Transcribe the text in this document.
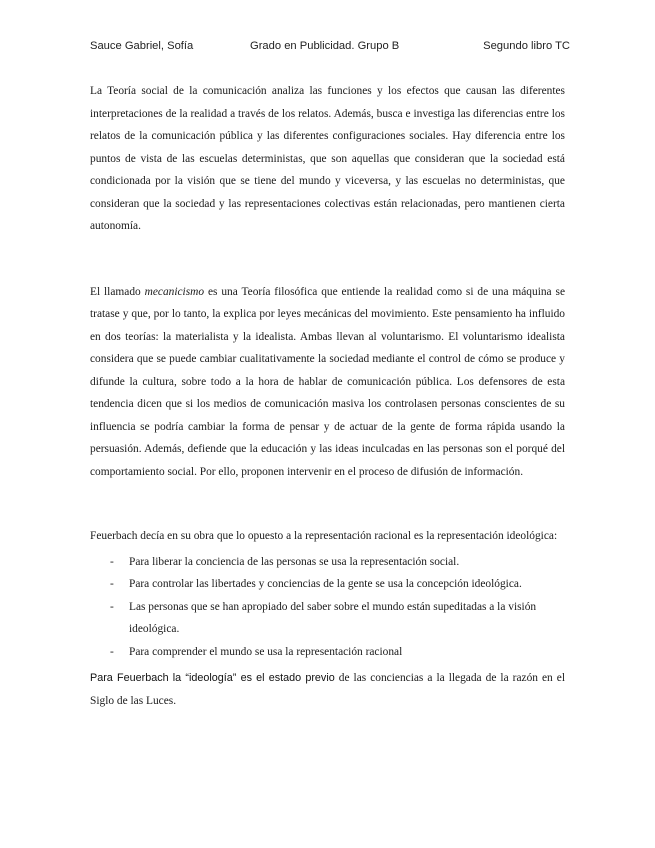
Sauce Gabriel, Sofía	Grado en Publicidad. Grupo B	Segundo libro TC

La Teoría social de la comunicación analiza las funciones y los efectos que causan las diferentes interpretaciones de la realidad a través de los relatos. Además, busca e investiga las diferencias entre los relatos de la comunicación pública y las diferentes configuraciones sociales. Hay diferencia entre los puntos de vista de las escuelas deterministas, que son aquellas que consideran que la sociedad está condicionada por la visión que se tiene del mundo y viceversa, y las escuelas no deterministas, que consideran que la sociedad y las representaciones colectivas están relacionadas, pero mantienen cierta autonomía.

El llamado mecanicismo es una Teoría filosófica que entiende la realidad como si de una máquina se tratase y que, por lo tanto, la explica por leyes mecánicas del movimiento. Este pensamiento ha influido en dos teorías: la materialista y la idealista. Ambas llevan al voluntarismo. El voluntarismo idealista considera que se puede cambiar cualitativamente la sociedad mediante el control de cómo se produce y difunde la cultura, sobre todo a la hora de hablar de comunicación pública. Los defensores de esta tendencia dicen que si los medios de comunicación masiva los controlasen personas conscientes de su influencia se podría cambiar la forma de pensar y de actuar de la gente de forma rápida usando la persuasión. Además, defiende que la educación y las ideas inculcadas en las personas son el porqué del comportamiento social. Por ello, proponen intervenir en el proceso de difusión de información.

Feuerbach decía en su obra que lo opuesto a la representación racional es la representación ideológica:

- Para liberar la conciencia de las personas se usa la representación social.
- Para controlar las libertades y conciencias de la gente se usa la concepción ideológica.
- Las personas que se han apropiado del saber sobre el mundo están supeditadas a la visión ideológica.
- Para comprender el mundo se usa la representación racional

Para Feuerbach la “ideología” es el estado previo de las conciencias a la llegada de la razón en el Siglo de las Luces.
